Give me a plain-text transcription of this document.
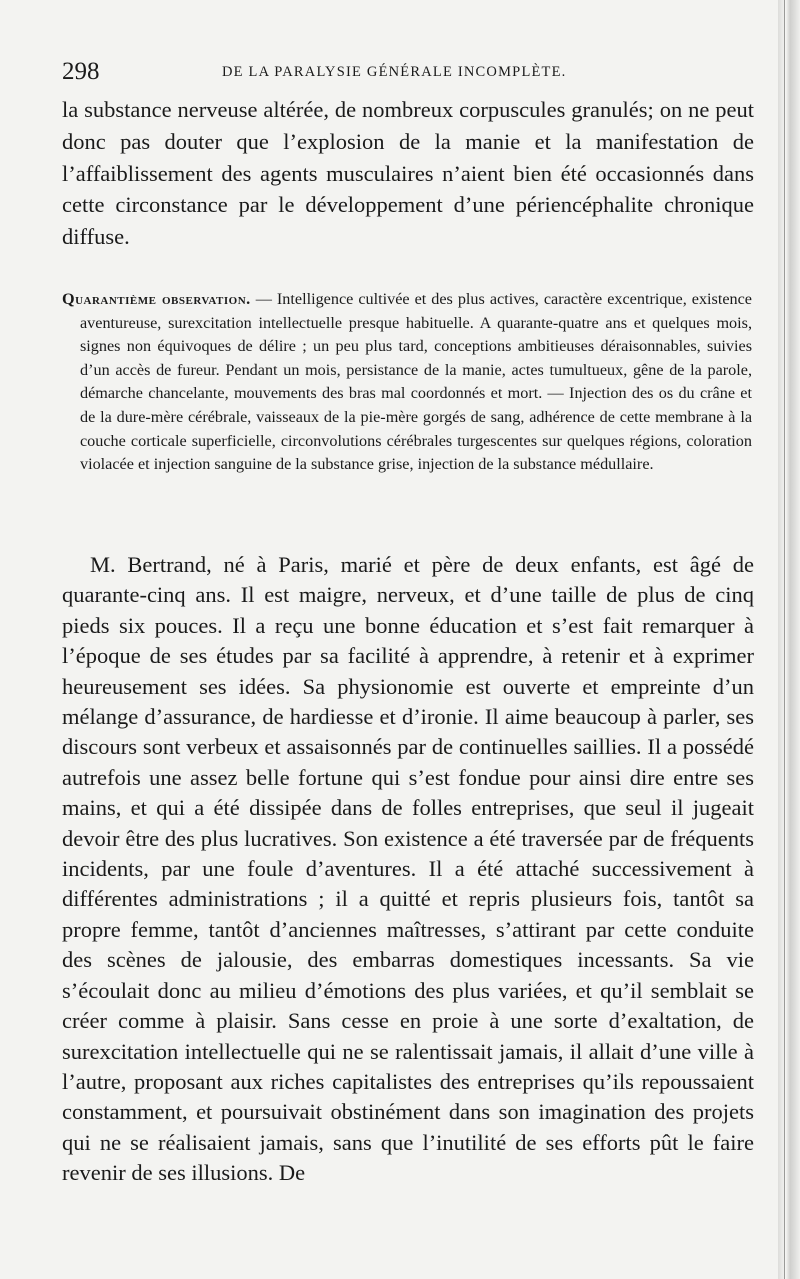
298	DE LA PARALYSIE GÉNÉRALE INCOMPLÈTE.

la substance nerveuse altérée, de nombreux corpuscules granulés; on ne peut donc pas douter que l’explosion de la manie et la manifestation de l’affaiblissement des agents musculaires n’aient bien été occasionnés dans cette circonstance par le développement d’une périencéphalite chronique diffuse.

Quarantième observation. — Intelligence cultivée et des plus actives, caractère excentrique, existence aventureuse, surexcitation intellectuelle presque habituelle. A quarante-quatre ans et quelques mois, signes non équivoques de délire ; un peu plus tard, conceptions ambitieuses déraisonnables, suivies d’un accès de fureur. Pendant un mois, persistance de la manie, actes tumultueux, gêne de la parole, démarche chancelante, mouvements des bras mal coordonnés et mort. — Injection des os du crâne et de la dure-mère cérébrale, vaisseaux de la pie-mère gorgés de sang, adhérence de cette membrane à la couche corticale superficielle, circonvolutions cérébrales turgescentes sur quelques régions, coloration violacée et injection sanguine de la substance grise, injection de la substance médullaire.

M. Bertrand, né à Paris, marié et père de deux enfants, est âgé de quarante-cinq ans. Il est maigre, nerveux, et d’une taille de plus de cinq pieds six pouces. Il a reçu une bonne éducation et s’est fait remarquer à l’époque de ses études par sa facilité à apprendre, à retenir et à exprimer heureusement ses idées. Sa physionomie est ouverte et empreinte d’un mélange d’assurance, de hardiesse et d’ironie. Il aime beaucoup à parler, ses discours sont verbeux et assaisonnés par de continuelles saillies. Il a possédé autrefois une assez belle fortune qui s’est fondue pour ainsi dire entre ses mains, et qui a été dissipée dans de folles entreprises, que seul il jugeait devoir être des plus lucratives. Son existence a été traversée par de fréquents incidents, par une foule d’aventures. Il a été attaché successivement à différentes administrations ; il a quitté et repris plusieurs fois, tantôt sa propre femme, tantôt d’anciennes maîtresses, s’attirant par cette conduite des scènes de jalousie, des embarras domestiques incessants. Sa vie s’écoulait donc au milieu d’émotions des plus variées, et qu’il semblait se créer comme à plaisir. Sans cesse en proie à une sorte d’exaltation, de surexcitation intellectuelle qui ne se ralentissait jamais, il allait d’une ville à l’autre, proposant aux riches capitalistes des entreprises qu’ils repoussaient constamment, et poursuivait obstinément dans son imagination des projets qui ne se réalisaient jamais, sans que l’inutilité de ses efforts pût le faire revenir de ses illusions. De
